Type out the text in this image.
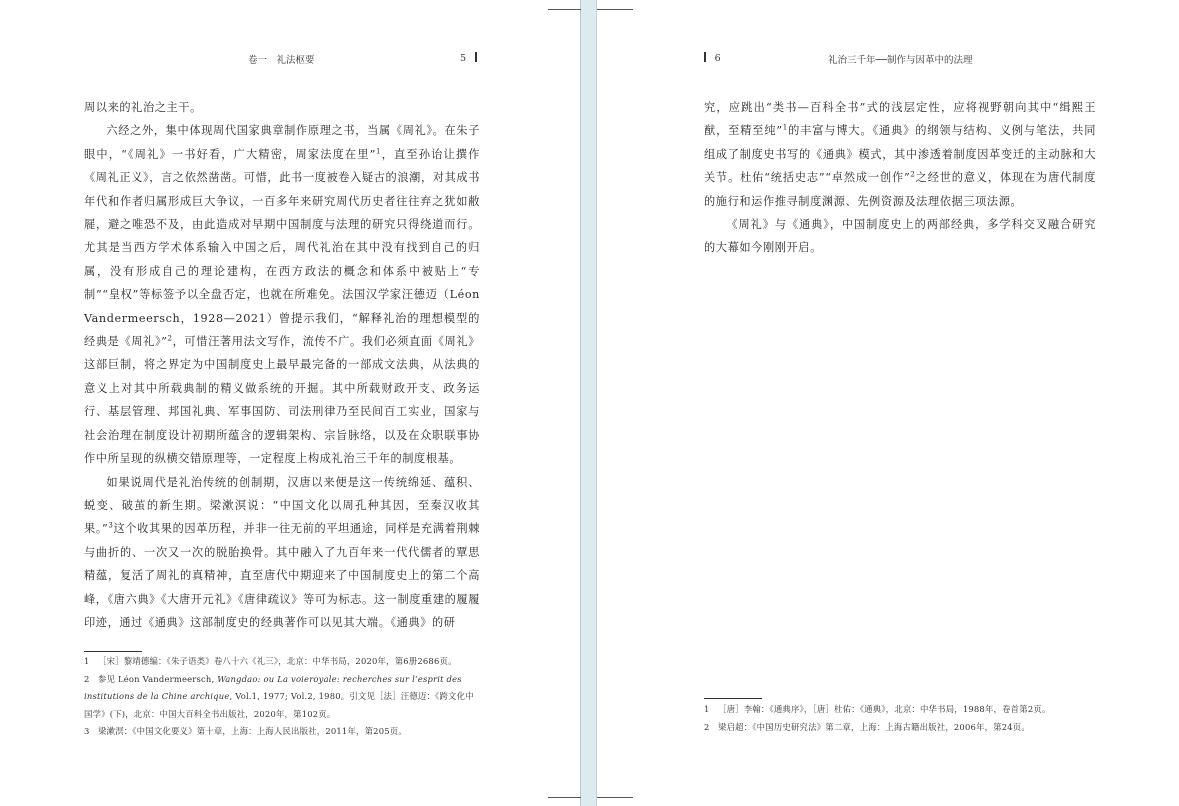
卷一　礼法枢要	5

周以来的礼治之主干。

六经之外，集中体现周代国家典章制作原理之书，当属《周礼》。在朱子眼中，“《周礼》一书好看，广大精密，周家法度在里”$^1$，直至孙诒让撰作《周礼正义》，言之依然凿凿。可惜，此书一度被卷入疑古的浪潮，对其成书年代和作者归属形成巨大争议，一百多年来研究周代历史者往往弃之犹如敝屣，避之唯恐不及，由此造成对早期中国制度与法理的研究只得绕道而行。尤其是当西方学术体系输入中国之后，周代礼治在其中没有找到自己的归属，没有形成自己的理论建构，在西方政法的概念和体系中被贴上“专制”“皇权”等标签予以全盘否定，也就在所难免。法国汉学家汪德迈（Léon Vandermeersch，1928—2021）曾提示我们，“解释礼治的理想模型的经典是《周礼》”$^2$，可惜汪著用法文写作，流传不广。我们必须直面《周礼》这部巨制，将之界定为中国制度史上最早最完备的一部成文法典，从法典的意义上对其中所载典制的精义做系统的开掘。其中所载财政开支、政务运行、基层管理、邦国礼典、军事国防、司法刑律乃至民间百工实业，国家与社会治理在制度设计初期所蕴含的逻辑架构、宗旨脉络，以及在众职联事协作中所呈现的纵横交错原理等，一定程度上构成礼治三千年的制度根基。

如果说周代是礼治传统的创制期，汉唐以来便是这一传统绵延、蕴积、蜕变、破茧的新生期。梁漱溟说：“中国文化以周孔种其因，至秦汉收其果。”$^3$这个收其果的因革历程，并非一往无前的平坦通途，同样是充满着荆棘与曲折的、一次又一次的脱胎换骨。其中融入了九百年来一代代儒者的覃思精蕴，复活了周礼的真精神，直至唐代中期迎来了中国制度史上的第二个高峰，《唐六典》《大唐开元礼》《唐律疏议》等可为标志。这一制度重建的履履印迹，通过《通典》这部制度史的经典著作可以见其大端。《通典》的研

1 ［宋］黎靖德编：《朱子语类》卷八十六《礼三》，北京：中华书局，2020年，第6册2686页。
2 参见 Léon Vandermeersch, Wangdao: ou La voieroyale: recherches sur l’esprit des institutions de la Chine archique, Vol.1, 1977; Vol.2, 1980。引文见［法］汪德迈：《跨文化中国学》(下)，北京：中国大百科全书出版社，2020年，第102页。
3 梁漱溟：《中国文化要义》第十章，上海：上海人民出版社，2011年，第205页。
6	礼治三千年──制作与因革中的法理

究，应跳出“类书—百科全书”式的浅层定性，应将视野朝向其中“缉熙王猷，至精至纯”$^1$的丰富与博大。《通典》的纲领与结构、义例与笔法，共同组成了制度史书写的《通典》模式，其中渗透着制度因革变迁的主动脉和大关节。杜佑“统括史志”“卓然成一创作”$^2$之经世的意义，体现在为唐代制度的施行和运作推寻制度渊源、先例资源及法理依据三项法源。

《周礼》与《通典》，中国制度史上的两部经典，多学科交叉融合研究的大幕如今刚刚开启。

1 ［唐］李翰：《通典序》，［唐］杜佑：《通典》，北京：中华书局，1988年，卷首第2页。
2 梁启超：《中国历史研究法》第二章，上海：上海古籍出版社，2006年，第24页。
